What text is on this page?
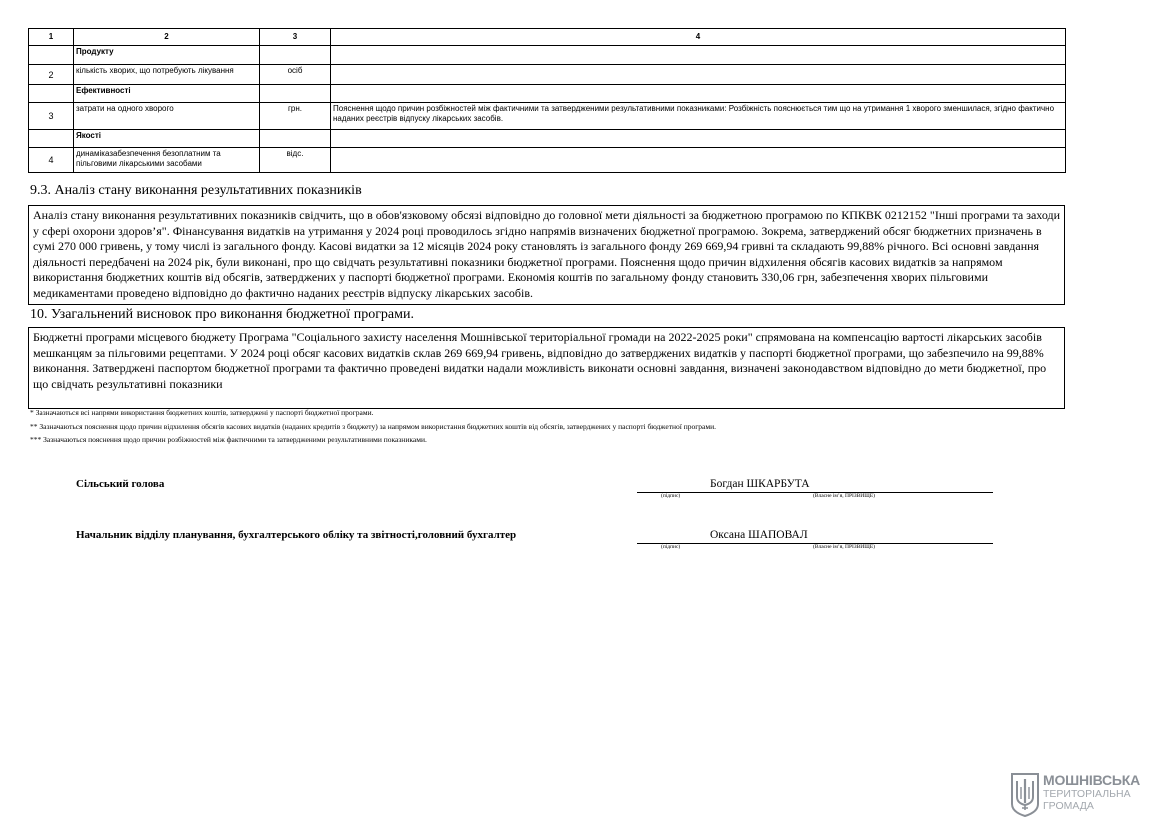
1	2	3	4
	Продукту		
2	кількість хворих, що потребують лікування	осіб	
	Ефективності		
3	затрати на одного хворого	грн.	Пояснення щодо причин розбіжностей між фактичними та затвердженими результативними показниками: Розбіжність пояснюється тим що на утримання 1 хворого зменшилася, згідно фактично наданих реєстрів відпуску лікарських засобів.
	Якості		
4	динамiказабезпечення безоплатним та пільговими лікарськими засобами	відс.	
9.3. Аналіз стану виконання результативних показників
Аналіз стану виконання результативних показників свідчить, що в обов'язковому обсязі відповідно до головної мети діяльності за бюджетною програмою по КПКВК 0212152 "Інші програми та заходи у сфері охорони здоров’я". Фінансування видатків на утримання у 2024 році проводилось згідно напрямів визначених бюджетної програмою. Зокрема, затверджений обсяг бюджетних призначень в сумі 270 000 гривень, у тому числі із загального фонду. Касові видатки за 12 місяців 2024 року становлять із загального фонду 269 669,94 гривні та складають 99,88% річного. Всі основні завдання діяльності передбачені на 2024 рік, були виконані, про що свідчать результативні показники бюджетної програми. Пояснення щодо причин відхилення обсягів касових видатків за напрямом використання бюджетних коштів від обсягів, затверджених у паспорті бюджетної програми. Економія коштів по загальному фонду становить 330,06 грн, забезпечення хворих пільговими медикаментами проведено відповідно до фактично наданих реєстрів відпуску лікарських засобів.
10. Узагальнений висновок про виконання бюджетної програми.
Бюджетні програми місцевого бюджету Програма "Соціального захисту населення Мошнівської територіальної громади на 2022-2025 роки" спрямована на компенсацію вартості лікарських засобів мешканцям за пільговими рецептами. У 2024 році обсяг касових видатків склав 269 669,94 гривень, відповідно до затверджених видатків у паспорті бюджетної програми, що забезпечило на 99,88% виконання. Затверджені паспортом бюджетної програми та фактично проведені видатки надали можливість виконати основні завдання, визначені законодавством відповідно до мети бюджетної, про що свідчать результативні показники
* Зазначаються всі напрями використання бюджетних коштів, затверджені у паспорті бюджетної програми.
** Зазначаються пояснення щодо причин відхилення обсягів касових видатків (наданих кредитів з бюджету) за напрямом використання бюджетних коштів від обсягів, затверджених у паспорті бюджетної програми.
*** Зазначаються пояснення щодо причин розбіжностей між фактичними та затвердженими результативними показниками.
Сільський голова	Богдан ШКАРБУТА
(підпис)	(Власне ім’я, ПРІЗВИЩЕ)
Начальник відділу планування, бухгалтерського обліку та звітності,головний бухгалтер	Оксана ШАПОВАЛ
(підпис)	(Власне ім’я, ПРІЗВИЩЕ)
МОШНІВСЬКА
ТЕРИТОРІАЛЬНА
ГРОМАДА
